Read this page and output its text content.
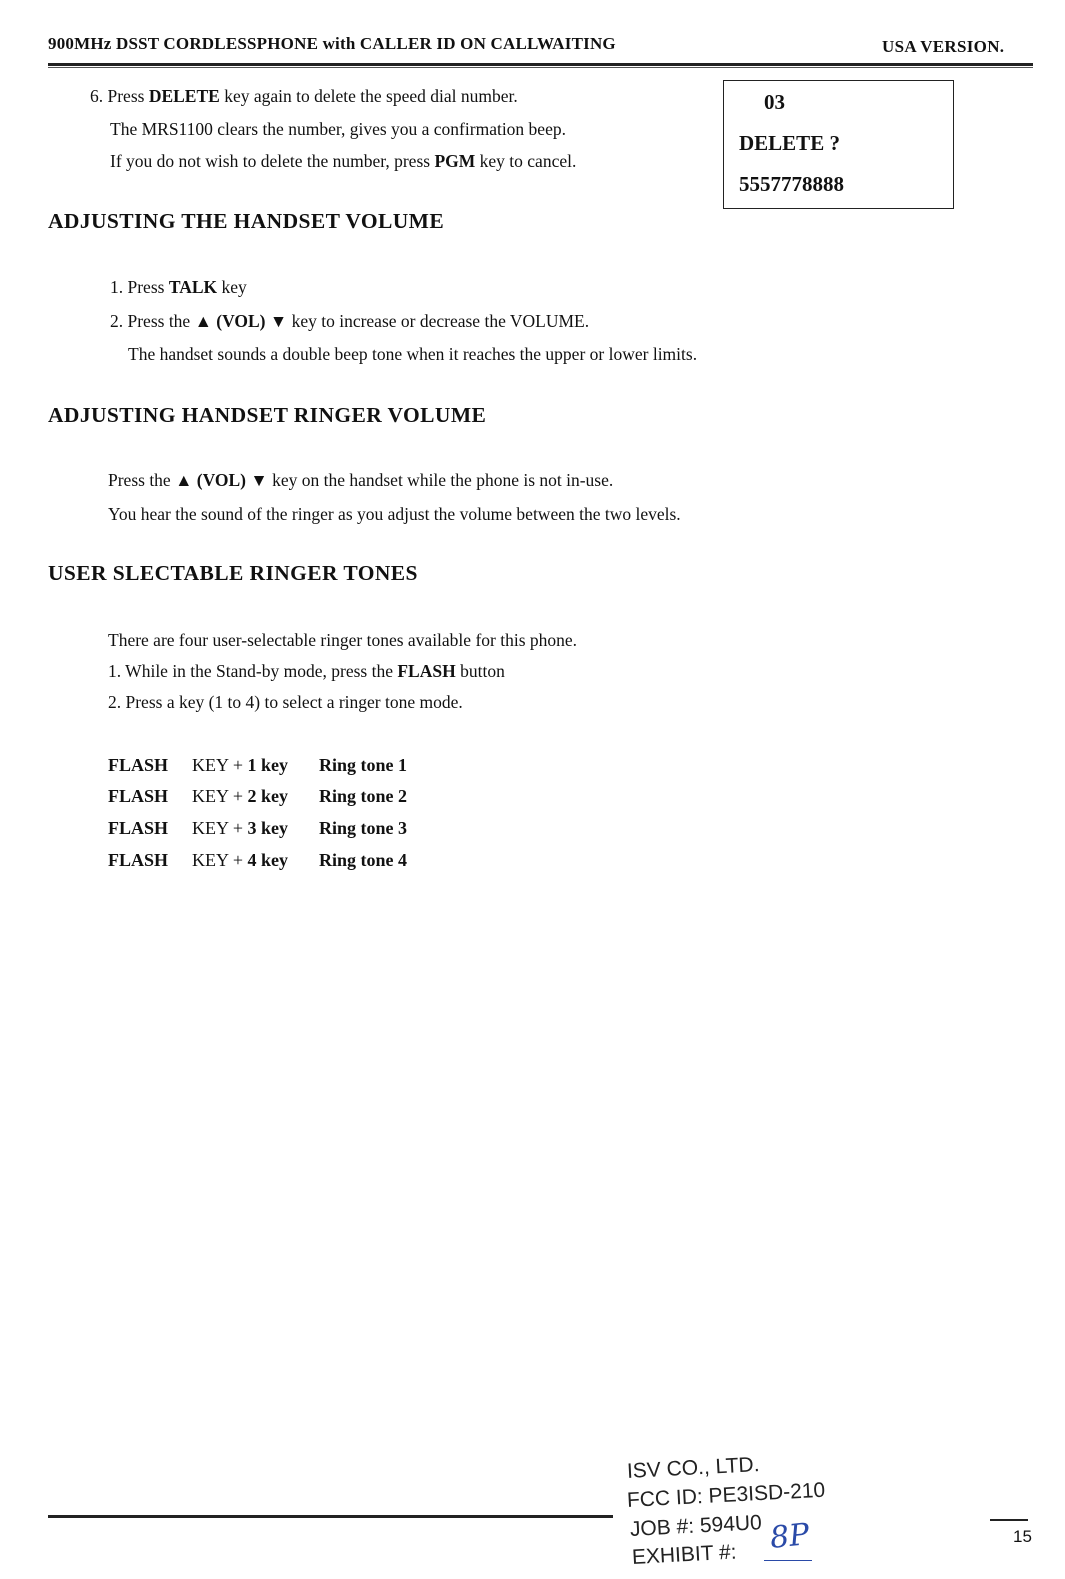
900MHz DSST CORDLESSPHONE with CALLER ID ON CALLWAITING	USA VERSION.
6. Press DELETE key again to delete the speed dial number.
The MRS1100 clears the number, gives you a confirmation beep.
If you do not wish to delete the number, press PGM key to cancel.
03
DELETE ?
5557778888
ADJUSTING THE HANDSET VOLUME
1. Press TALK key
2. Press the ▲ (VOL) ▼ key to increase or decrease the VOLUME.
The handset sounds a double beep tone when it reaches the upper or lower limits.
ADJUSTING HANDSET RINGER VOLUME
Press the ▲ (VOL) ▼ key on the handset while the phone is not in-use.
You hear the sound of the ringer as you adjust the volume between the two levels.
USER SLECTABLE RINGER TONES
There are four user-selectable ringer tones available for this phone.
1. While in the Stand-by mode, press the FLASH button
2. Press a key (1 to 4) to select a ringer tone mode.
FLASH KEY + 1 key Ring tone 1
FLASH KEY + 2 key Ring tone 2
FLASH KEY + 3 key Ring tone 3
FLASH KEY + 4 key Ring tone 4
15
ISV CO., LTD.
FCC ID: PE3ISD-210
JOB #: 594U0
EXHIBIT #: 8P
